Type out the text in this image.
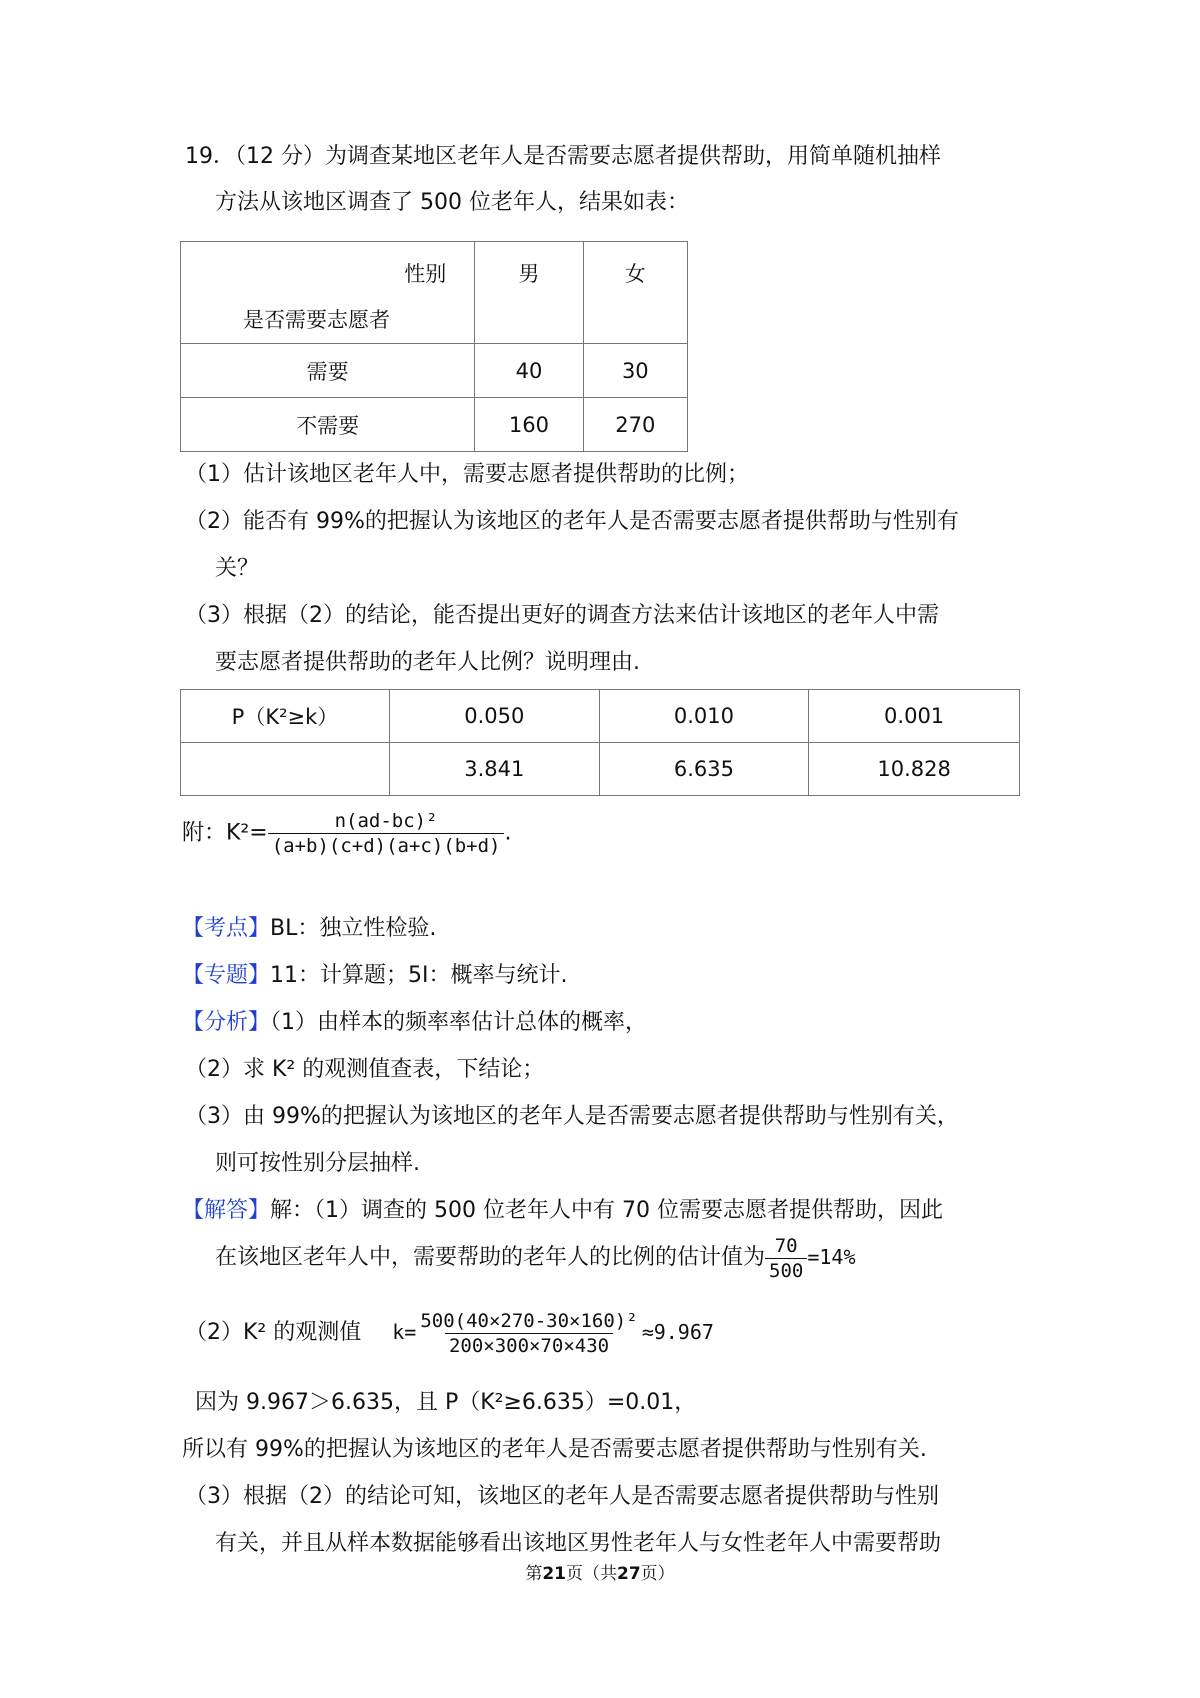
19．（12 分）为调查某地区老年人是否需要志愿者提供帮助，用简单随机抽样
方法从该地区调查了 500 位老年人，结果如表：
性别
是否需要志愿者	男	女
需要	40	30
不需要	160	270
（1）估计该地区老年人中，需要志愿者提供帮助的比例；
（2）能否有 99%的把握认为该地区的老年人是否需要志愿者提供帮助与性别有
关？
（3）根据（2）的结论，能否提出更好的调查方法来估计该地区的老年人中需
要志愿者提供帮助的老年人比例？说明理由.
P（K²≥k）	0.050	0.010	0.001
	3.841	6.635	10.828
附：$K^2= \frac{\text{n(ad-bc)²}}{(a+b)(c+d)(a+c)(b+d)}$ .
【考点】BL：独立性检验.
【专题】11：计算题；5I：概率与统计.
【分析】（1）由样本的频率率估计总体的概率，
（2）求 K² 的观测值查表，下结论；
（3）由 99%的把握认为该地区的老年人是否需要志愿者提供帮助与性别有关，
则可按性别分层抽样.
【解答】解：（1）调查的 500 位老年人中有 70 位需要志愿者提供帮助，因此
在该地区老年人中，需要帮助的老年人的比例的估计值为 $\frac{70}{500} =14\%$
（2）K² 的观测值 $k= \frac{\text{500(40×270-30×160)²}}{200\times 300\times 70\times 430} \approx 9.967$
因为 9.967＞6.635，且 P（K²≥6.635）=0.01，
所以有 99%的把握认为该地区的老年人是否需要志愿者提供帮助与性别有关.
（3）根据（2）的结论可知，该地区的老年人是否需要志愿者提供帮助与性别
有关，并且从样本数据能够看出该地区男性老年人与女性老年人中需要帮助
第21页（共27页）
